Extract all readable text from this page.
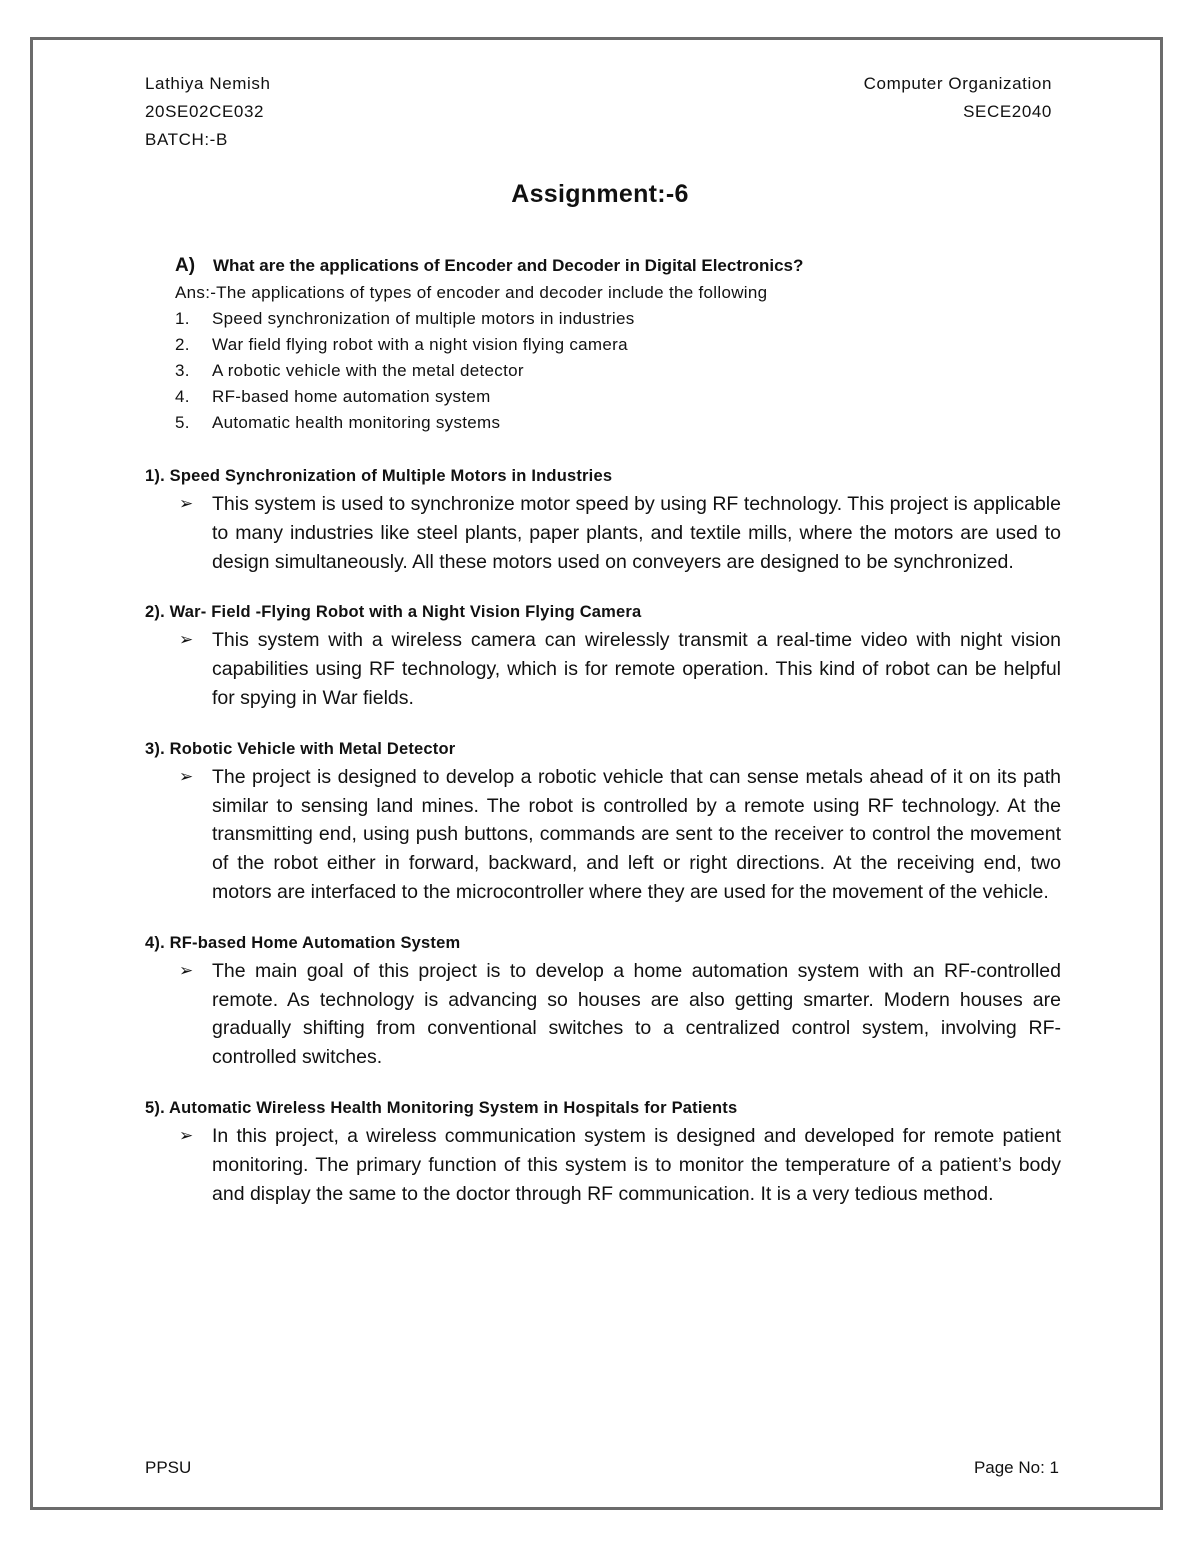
Lathiya Nemish
20SE02CE032
BATCH:-B
Computer Organization
SECE2040
Assignment:-6
A) What are the applications of Encoder and Decoder in Digital Electronics?
Ans:-The applications of types of encoder and decoder include the following
1.	Speed synchronization of multiple motors in industries
2.	War field flying robot with a night vision flying camera
3.	A robotic vehicle with the metal detector
4.	RF-based home automation system
5.	Automatic health monitoring systems
1). Speed Synchronization of Multiple Motors in Industries
➢ This system is used to synchronize motor speed by using RF technology. This project is applicable to many industries like steel plants, paper plants, and textile mills, where the motors are used to design simultaneously. All these motors used on conveyers are designed to be synchronized.
2). War- Field -Flying Robot with a Night Vision Flying Camera
➢ This system with a wireless camera can wirelessly transmit a real-time video with night vision capabilities using RF technology, which is for remote operation. This kind of robot can be helpful for spying in War fields.
3). Robotic Vehicle with Metal Detector
➢ The project is designed to develop a robotic vehicle that can sense metals ahead of it on its path similar to sensing land mines. The robot is controlled by a remote using RF technology. At the transmitting end, using push buttons, commands are sent to the receiver to control the movement of the robot either in forward, backward, and left or right directions. At the receiving end, two motors are interfaced to the microcontroller where they are used for the movement of the vehicle.
4). RF-based Home Automation System
➢ The main goal of this project is to develop a home automation system with an RF-controlled remote. As technology is advancing so houses are also getting smarter. Modern houses are gradually shifting from conventional switches to a centralized control system, involving RF-controlled switches.
5). Automatic Wireless Health Monitoring System in Hospitals for Patients
➢ In this project, a wireless communication system is designed and developed for remote patient monitoring. The primary function of this system is to monitor the temperature of a patient’s body and display the same to the doctor through RF communication. It is a very tedious method.
PPSU	Page No: 1
